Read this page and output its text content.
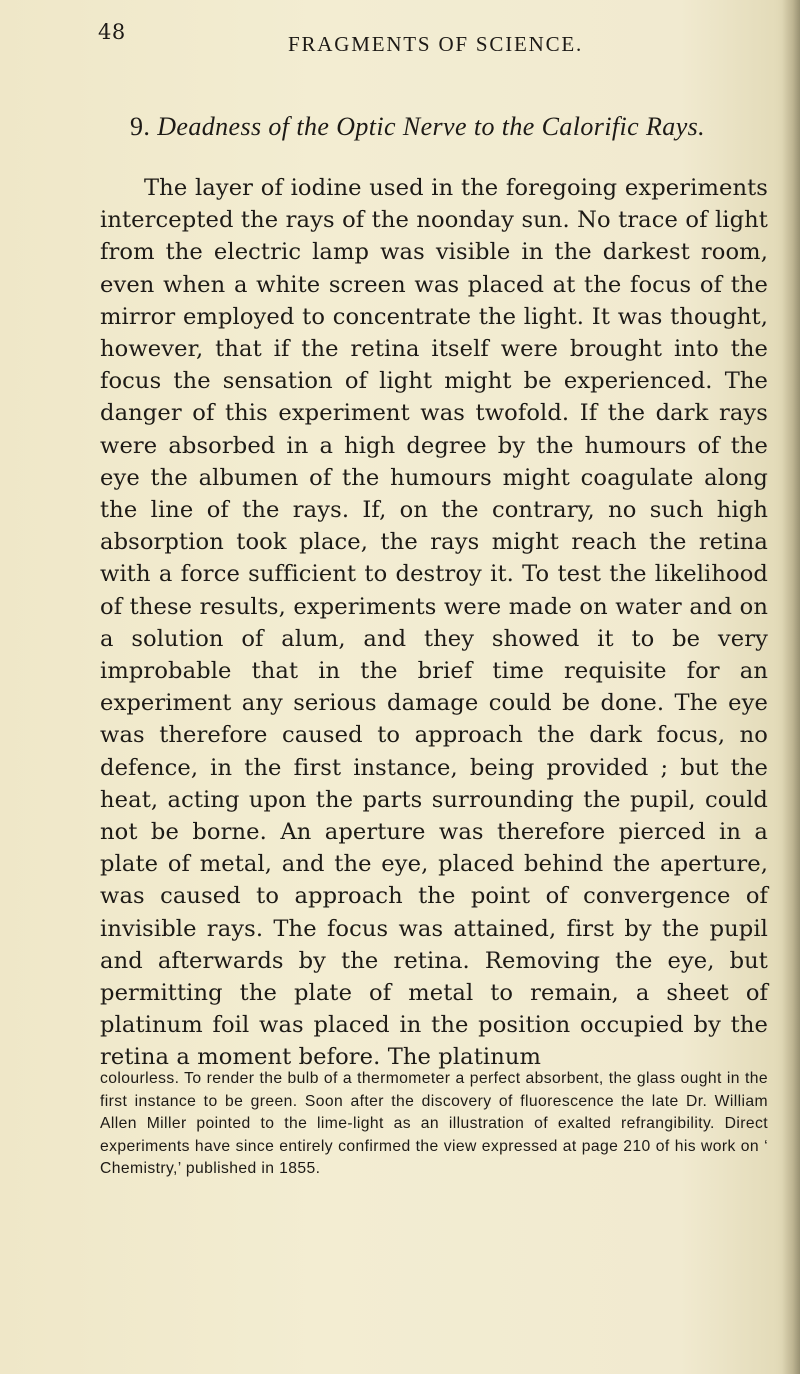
48	FRAGMENTS OF SCIENCE.
9. Deadness of the Optic Nerve to the Calorific Rays.

The layer of iodine used in the foregoing experiments intercepted the rays of the noonday sun. No trace of light from the electric lamp was visible in the darkest room, even when a white screen was placed at the focus of the mirror employed to concentrate the light. It was thought, however, that if the retina itself were brought into the focus the sensation of light might be experienced. The danger of this experiment was twofold. If the dark rays were absorbed in a high degree by the humours of the eye the albumen of the humours might coagulate along the line of the rays. If, on the contrary, no such high absorption took place, the rays might reach the retina with a force sufficient to destroy it. To test the likelihood of these results, experiments were made on water and on a solution of alum, and they showed it to be very improbable that in the brief time requisite for an experiment any serious damage could be done. The eye was therefore caused to approach the dark focus, no defence, in the first instance, being provided ; but the heat, acting upon the parts surrounding the pupil, could not be borne. An aperture was therefore pierced in a plate of metal, and the eye, placed behind the aperture, was caused to approach the point of convergence of invisible rays. The focus was attained, first by the pupil and afterwards by the retina. Removing the eye, but permitting the plate of metal to remain, a sheet of platinum foil was placed in the position occupied by the retina a moment before. The platinum

colourless. To render the bulb of a thermometer a perfect absorbent, the glass ought in the first instance to be green. Soon after the discovery of fluorescence the late Dr. William Allen Miller pointed to the lime-light as an illustration of exalted refrangibility. Direct experiments have since entirely confirmed the view expressed at page 210 of his work on ‘ Chemistry,’ published in 1855.
